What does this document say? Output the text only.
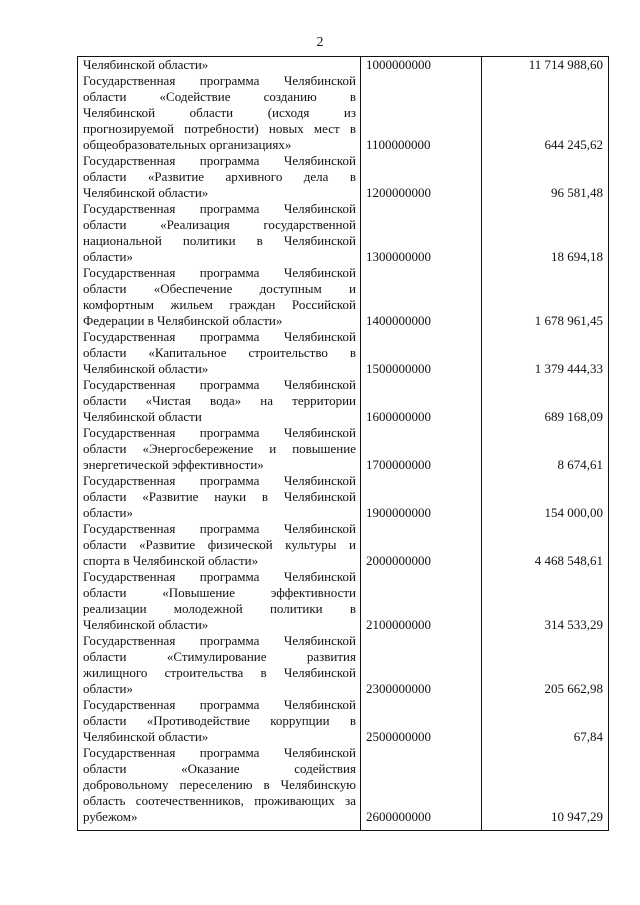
2
Челябинской области»	1000000000	11 714 988,60
Государственная программа Челябинской
области «Содействие созданию в
Челябинской области (исходя из
прогнозируемой потребности) новых мест в
общеобразовательных организациях»	1100000000	644 245,62
Государственная программа Челябинской
области «Развитие архивного дела в
Челябинской области»	1200000000	96 581,48
Государственная программа Челябинской
области «Реализация государственной
национальной политики в Челябинской
области»	1300000000	18 694,18
Государственная программа Челябинской
области «Обеспечение доступным и
комфортным жильем граждан Российской
Федерации в Челябинской области»	1400000000	1 678 961,45
Государственная программа Челябинской
области «Капитальное строительство в
Челябинской области»	1500000000	1 379 444,33
Государственная программа Челябинской
области «Чистая вода» на территории
Челябинской области	1600000000	689 168,09
Государственная программа Челябинской
области «Энергосбережение и повышение
энергетической эффективности»	1700000000	8 674,61
Государственная программа Челябинской
области «Развитие науки в Челябинской
области»	1900000000	154 000,00
Государственная программа Челябинской
области «Развитие физической культуры и
спорта в Челябинской области»	2000000000	4 468 548,61
Государственная программа Челябинской
области «Повышение эффективности
реализации молодежной политики в
Челябинской области»	2100000000	314 533,29
Государственная программа Челябинской
области «Стимулирование развития
жилищного строительства в Челябинской
области»	2300000000	205 662,98
Государственная программа Челябинской
области «Противодействие коррупции в
Челябинской области»	2500000000	67,84
Государственная программа Челябинской
области «Оказание содействия
добровольному переселению в Челябинскую
область соотечественников, проживающих за
рубежом»	2600000000	10 947,29
